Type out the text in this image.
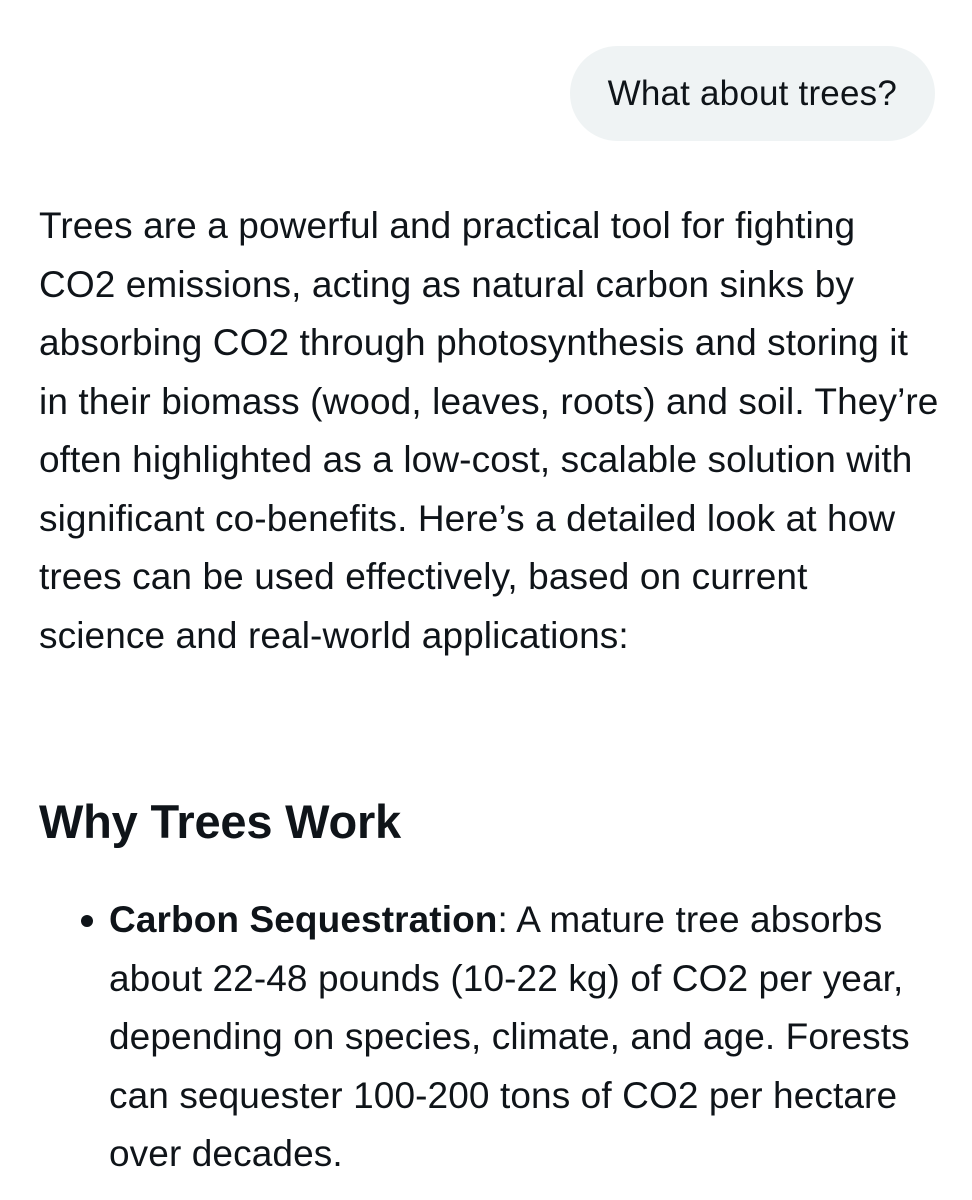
What about trees?

Trees are a powerful and practical tool for fighting CO2 emissions, acting as natural carbon sinks by absorbing CO2 through photosynthesis and storing it in their biomass (wood, leaves, roots) and soil. They’re often highlighted as a low-cost, scalable solution with significant co-benefits. Here’s a detailed look at how trees can be used effectively, based on current science and real-world applications:

Why Trees Work
Carbon Sequestration: A mature tree absorbs about 22-48 pounds (10-22 kg) of CO2 per year, depending on species, climate, and age. Forests can sequester 100-200 tons of CO2 per hectare over decades.
